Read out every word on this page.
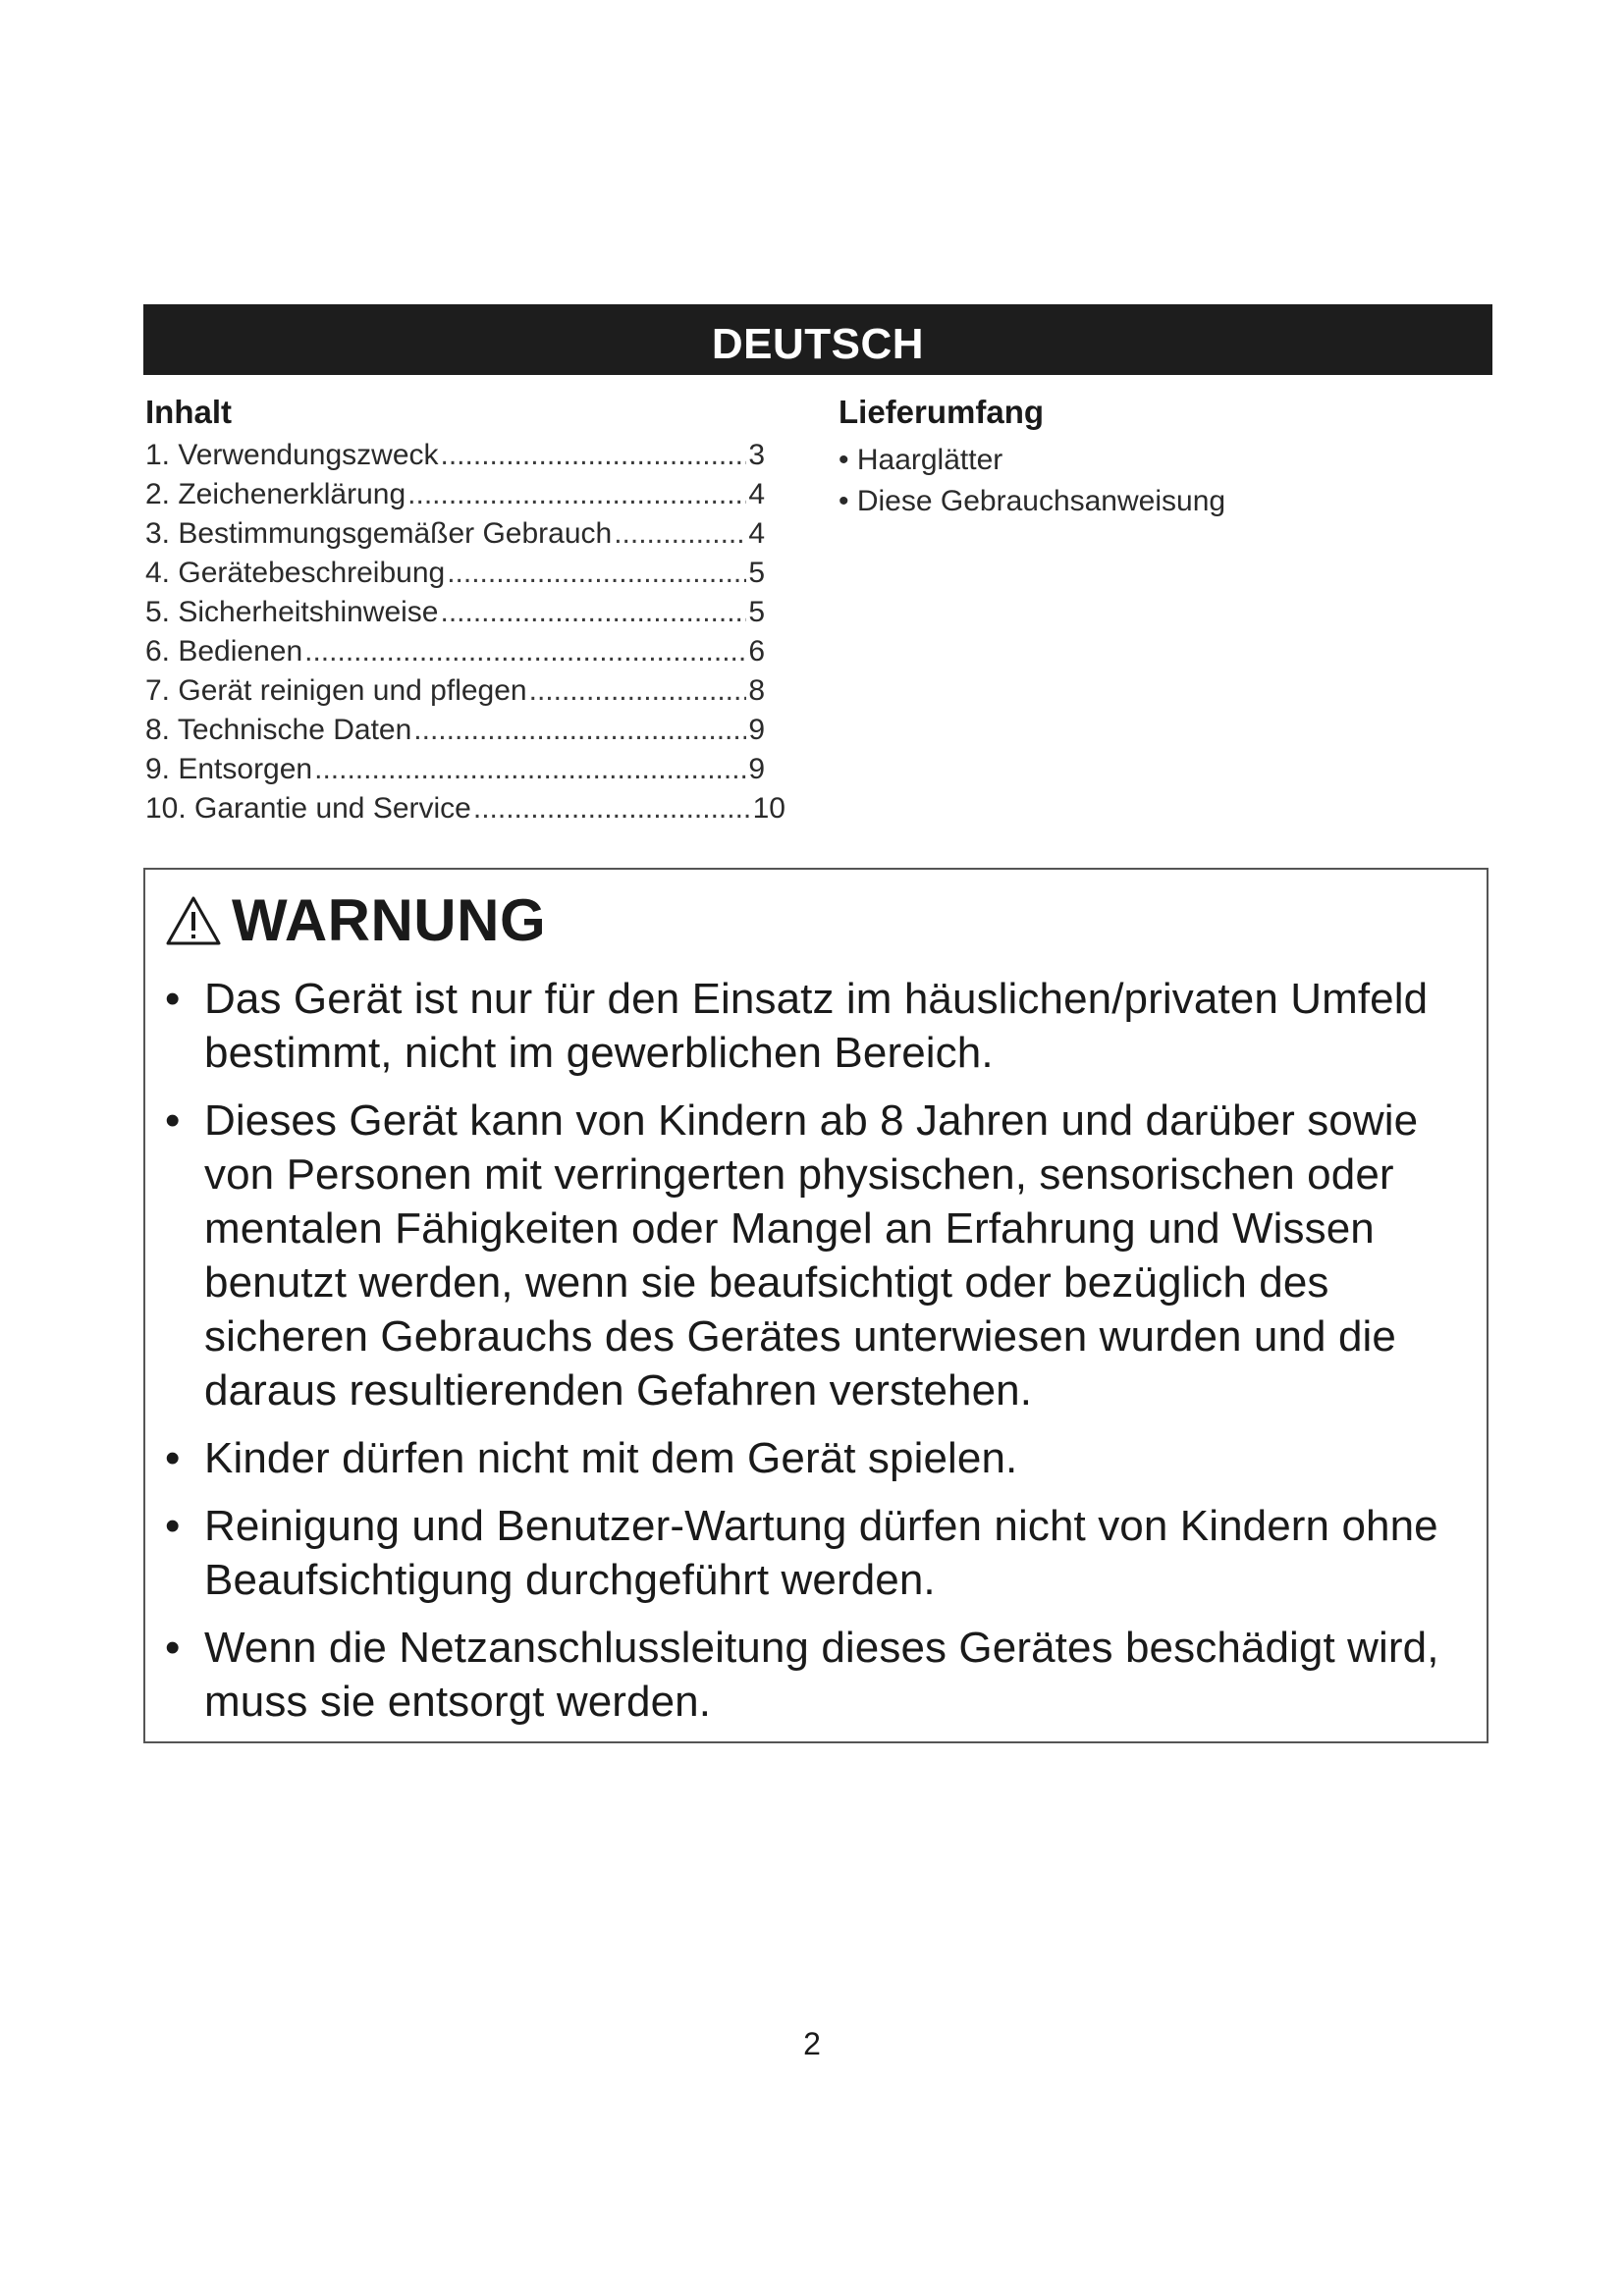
DEUTSCH
Inhalt
1. Verwendungszweck .....	3
2. Zeichenerklärung .....	4
3. Bestimmungsgemäßer Gebrauch .....	4
4. Gerätebeschreibung .....	5
5. Sicherheitshinweise .....	5
6. Bedienen .....	6
7. Gerät reinigen und pflegen .....	8
8. Technische Daten .....	9
9. Entsorgen .....	9
10. Garantie und Service .....	10
Lieferumfang
• Haarglätter
• Diese Gebrauchsanweisung
WARNUNG
• Das Gerät ist nur für den Einsatz im häuslichen/privaten Umfeld bestimmt, nicht im gewerblichen Bereich.
• Dieses Gerät kann von Kindern ab 8 Jahren und darüber sowie von Personen mit verringerten physischen, sensorischen oder mentalen Fähigkeiten oder Mangel an Erfahrung und Wissen benutzt werden, wenn sie beaufsichtigt oder bezüglich des sicheren Gebrauchs des Gerätes unterwiesen wurden und die daraus resultierenden Gefahren verstehen.
• Kinder dürfen nicht mit dem Gerät spielen.
• Reinigung und Benutzer-Wartung dürfen nicht von Kindern ohne Beaufsichtigung durchgeführt werden.
• Wenn die Netzanschlussleitung dieses Gerätes beschädigt wird, muss sie entsorgt werden.
2
